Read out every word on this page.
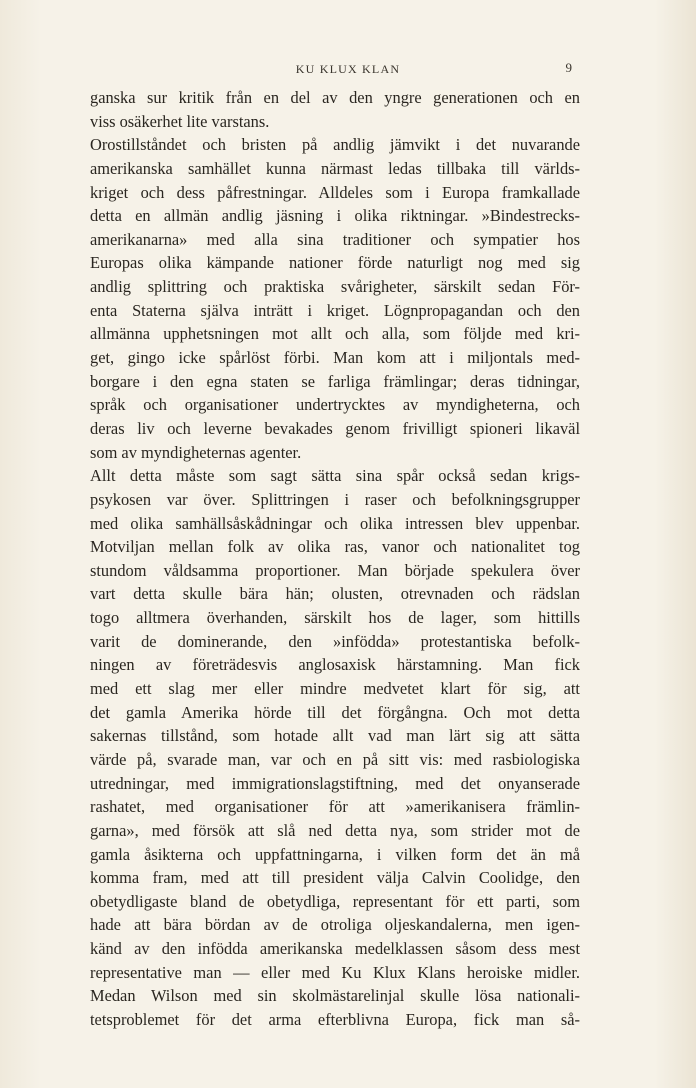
KU KLUX KLAN	9
ganska sur kritik från en del av den yngre generationen och en
viss osäkerhet lite varstans.
Orostillståndet och bristen på andlig jämvikt i det nuvarande
amerikanska samhället kunna närmast ledas tillbaka till världs-
kriget och dess påfrestningar. Alldeles som i Europa framkallade
detta en allmän andlig jäsning i olika riktningar. »Bindestrecks-
amerikanarna» med alla sina traditioner och sympatier hos
Europas olika kämpande nationer förde naturligt nog med sig
andlig splittring och praktiska svårigheter, särskilt sedan För-
enta Staterna själva inträtt i kriget. Lögnpropagandan och den
allmänna upphetsningen mot allt och alla, som följde med kri-
get, gingo icke spårlöst förbi. Man kom att i miljontals med-
borgare i den egna staten se farliga främlingar; deras tidningar,
språk och organisationer undertrycktes av myndigheterna, och
deras liv och leverne bevakades genom frivilligt spioneri likaväl
som av myndigheternas agenter.
Allt detta måste som sagt sätta sina spår också sedan krigs-
psykosen var över. Splittringen i raser och befolkningsgrupper
med olika samhällsåskådningar och olika intressen blev uppenbar.
Motviljan mellan folk av olika ras, vanor och nationalitet tog
stundom våldsamma proportioner. Man började spekulera över
vart detta skulle bära hän; olusten, otrevnaden och rädslan
togo alltmera överhanden, särskilt hos de lager, som hittills
varit de dominerande, den »infödda» protestantiska befolk-
ningen av företrädesvis anglosaxisk härstamning. Man fick
med ett slag mer eller mindre medvetet klart för sig, att
det gamla Amerika hörde till det förgångna. Och mot detta
sakernas tillstånd, som hotade allt vad man lärt sig att sätta
värde på, svarade man, var och en på sitt vis: med rasbiologiska
utredningar, med immigrationslagstiftning, med det onyanserade
rashatet, med organisationer för att »amerikanisera främlin-
garna», med försök att slå ned detta nya, som strider mot de
gamla åsikterna och uppfattningarna, i vilken form det än må
komma fram, med att till president välja Calvin Coolidge, den
obetydligaste bland de obetydliga, representant för ett parti, som
hade att bära bördan av de otroliga oljeskandalerna, men igen-
känd av den infödda amerikanska medelklassen såsom dess mest
representative man — eller med Ku Klux Klans heroiske midler.
Medan Wilson med sin skolmästarelinjal skulle lösa nationali-
tetsproblemet för det arma efterblivna Europa, fick man så-
